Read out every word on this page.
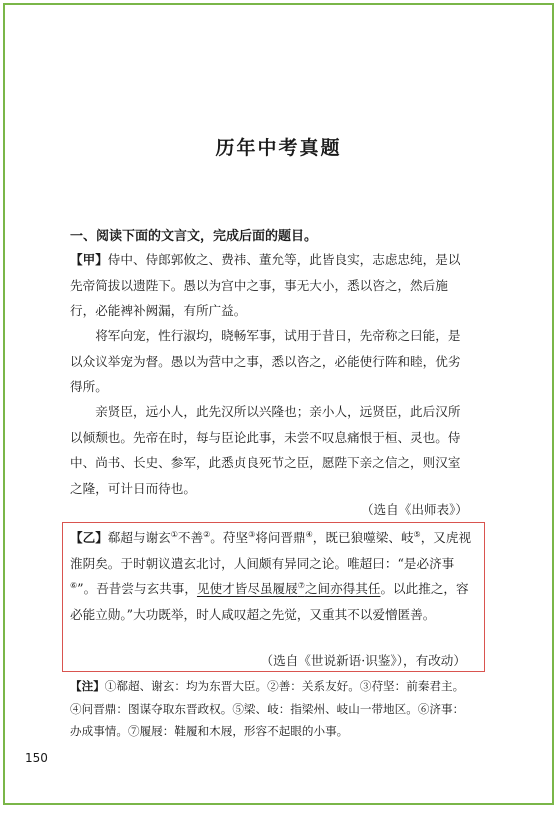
历年中考真题
一、阅读下面的文言文，完成后面的题目。
【甲】侍中、侍郎郭攸之、费祎、董允等，此皆良实，志虑忠纯，是以先帝简拔以遗陛下。愚以为宫中之事，事无大小，悉以咨之，然后施行，必能裨补阙漏，有所广益。
将军向宠，性行淑均，晓畅军事，试用于昔日，先帝称之曰能，是以众议举宠为督。愚以为营中之事，悉以咨之，必能使行阵和睦，优劣得所。
亲贤臣，远小人，此先汉所以兴隆也；亲小人，远贤臣，此后汉所以倾颓也。先帝在时，每与臣论此事，未尝不叹息痛恨于桓、灵也。侍中、尚书、长史、参军，此悉贞良死节之臣，愿陛下亲之信之，则汉室之隆，可计日而待也。
（选自《出师表》）
【乙】郗超与谢玄①不善②。苻坚③将问晋鼎④，既已狼噬梁、岐⑤，又虎视淮阴矣。于时朝议遣玄北讨，人间颇有异同之论。唯超曰：“是必济事⑥”。吾昔尝与玄共事，见使才皆尽虽履屐⑦之间亦得其任。以此推之，容必能立勋。”大功既举，时人咸叹超之先觉，又重其不以爱憎匿善。
（选自《世说新语·识鉴》），有改动）
【注】①郗超、谢玄：均为东晋大臣。②善：关系友好。③苻坚：前秦君主。④问晋鼎：图谋夺取东晋政权。⑤梁、岐：指梁州、岐山一带地区。⑥济事：办成事情。⑦履屐：鞋履和木屐，形容不起眼的小事。
150
